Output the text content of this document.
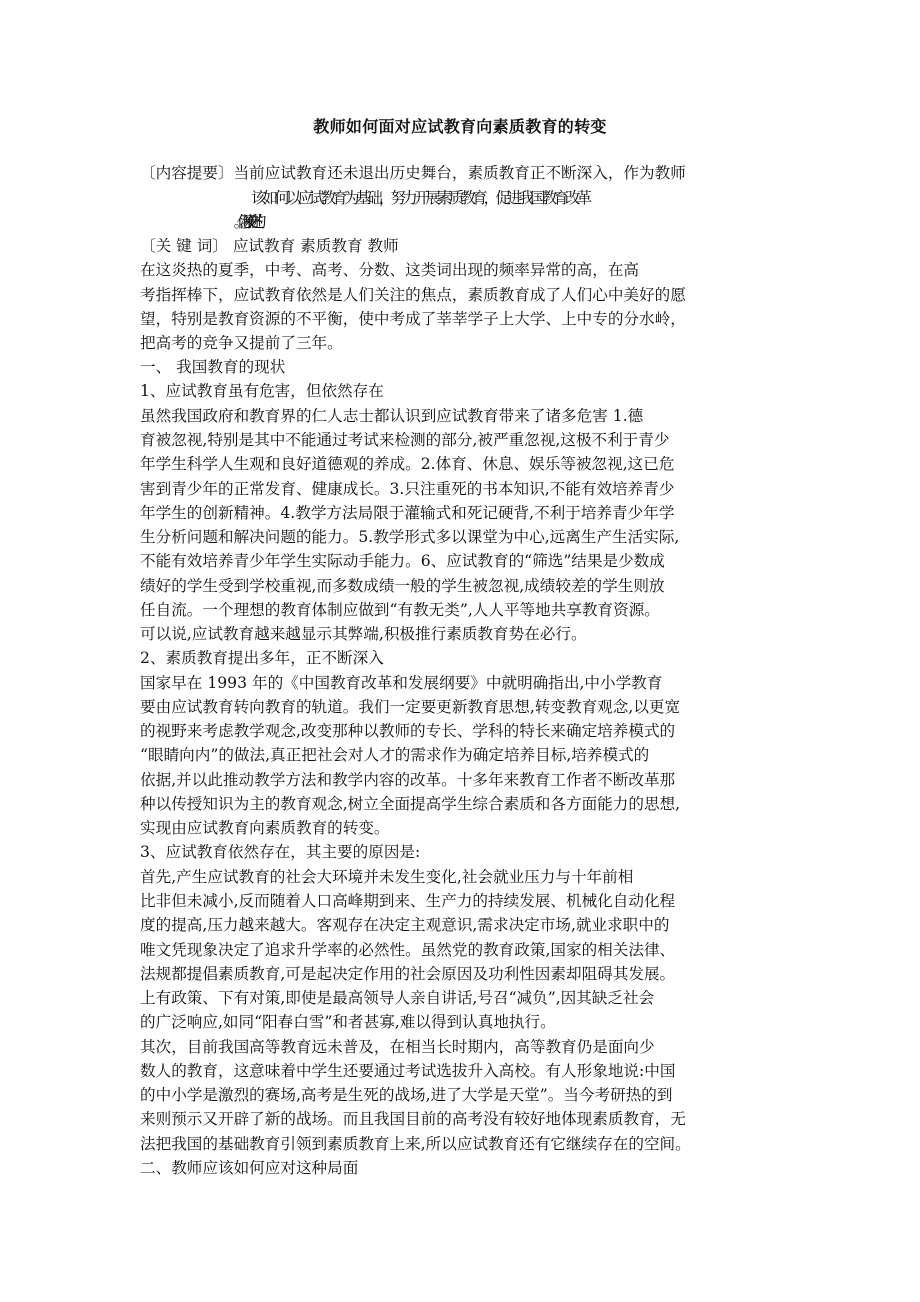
教师如何面对应试教育向素质教育的转变
〔内容提要〕当前应试教育还未退出历史舞台，素质教育正不断深入，作为教师
该如何以应试教育为基础，努力开展素质教育，促进我国教育改革
〔关 键 词〕 应试教育 素质教育 教师
在这炎热的夏季，中考、高考、分数、这类词出现的频率异常的高，在高
考指挥棒下，应试教育依然是人们关注的焦点，素质教育成了人们心中美好的愿
望，特别是教育资源的不平衡，使中考成了莘莘学子上大学、上中专的分水岭，
把高考的竞争又提前了三年。
一、 我国教育的现状
1、应试教育虽有危害，但依然存在
虽然我国政府和教育界的仁人志士都认识到应试教育带来了诸多危害 1.德
育被忽视,特别是其中不能通过考试来检测的部分,被严重忽视,这极不利于青少
年学生科学人生观和良好道德观的养成。2.体育、休息、娱乐等被忽视,这已危
害到青少年的正常发育、健康成长。3.只注重死的书本知识,不能有效培养青少
年学生的创新精神。4.教学方法局限于灌输式和死记硬背,不利于培养青少年学
生分析问题和解决问题的能力。5.教学形式多以课堂为中心,远离生产生活实际,
不能有效培养青少年学生实际动手能力。6、应试教育的“筛选”结果是少数成
绩好的学生受到学校重视,而多数成绩一般的学生被忽视,成绩较差的学生则放
任自流。一个理想的教育体制应做到“有教无类”,人人平等地共享教育资源。
可以说,应试教育越来越显示其弊端,积极推行素质教育势在必行。
2、素质教育提出多年，正不断深入
国家早在 1993 年的《中国教育改革和发展纲要》中就明确指出,中小学教育
要由应试教育转向教育的轨道。我们一定要更新教育思想,转变教育观念,以更宽
的视野来考虑教学观念,改变那种以教师的专长、学科的特长来确定培养模式的
“眼睛向内”的做法,真正把社会对人才的需求作为确定培养目标,培养模式的
依据,并以此推动教学方法和教学内容的改革。十多年来教育工作者不断改革那
种以传授知识为主的教育观念,树立全面提高学生综合素质和各方面能力的思想,
实现由应试教育向素质教育的转变。
3、应试教育依然存在，其主要的原因是:
首先,产生应试教育的社会大环境并未发生变化,社会就业压力与十年前相
比非但未减小,反而随着人口高峰期到来、生产力的持续发展、机械化自动化程
度的提高,压力越来越大。客观存在决定主观意识,需求决定市场,就业求职中的
唯文凭现象决定了追求升学率的必然性。虽然党的教育政策,国家的相关法律、
法规都提倡素质教育,可是起决定作用的社会原因及功利性因素却阻碍其发展。
上有政策、下有对策,即使是最高领导人亲自讲话,号召“减负”,因其缺乏社会
的广泛响应,如同“阳春白雪”和者甚寡,难以得到认真地执行。
其次，目前我国高等教育远未普及，在相当长时期内，高等教育仍是面向少
数人的教育，这意味着中学生还要通过考试选拔升入高校。有人形象地说:中国
的中小学是激烈的赛场,高考是生死的战场,进了大学是天堂”。当今考研热的到
来则预示又开辟了新的战场。而且我国目前的高考没有较好地体现素质教育，无
法把我国的基础教育引领到素质教育上来,所以应试教育还有它继续存在的空间。
二、教师应该如何应对这种局面
